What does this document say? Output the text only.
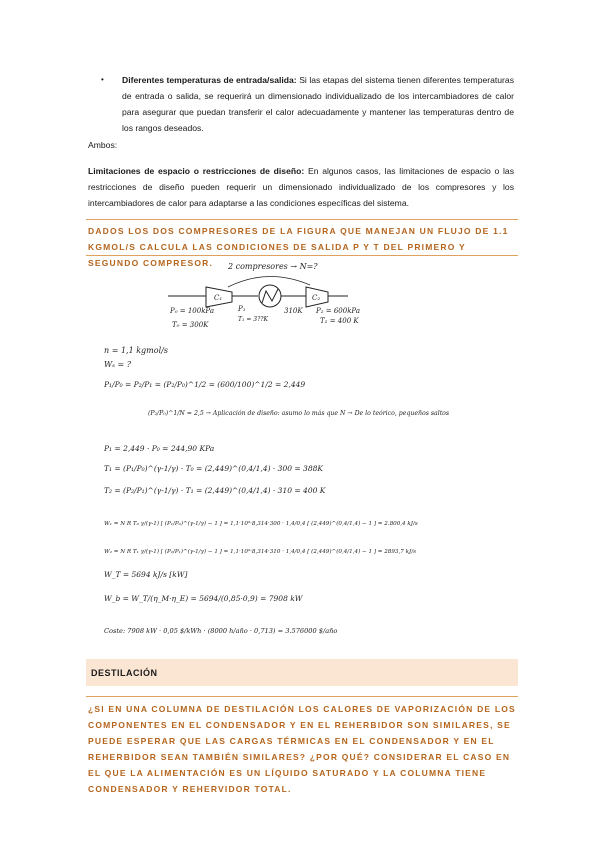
• Diferentes temperaturas de entrada/salida: Si las etapas del sistema tienen diferentes temperaturas de entrada o salida, se requerirá un dimensionado individualizado de los intercambiadores de calor para asegurar que puedan transferir el calor adecuadamente y mantener las temperaturas dentro de los rangos deseados.
Ambos:
Limitaciones de espacio o restricciones de diseño: En algunos casos, las limitaciones de espacio o las restricciones de diseño pueden requerir un dimensionado individualizado de los compresores y los intercambiadores de calor para adaptarse a las condiciones específicas del sistema.
DADOS LOS DOS COMPRESORES DE LA FIGURA QUE MANEJAN UN FLUJO DE 1.1 KGMOL/S CALCULA LAS CONDICIONES DE SALIDA P Y T DEL PRIMERO Y SEGUNDO COMPRESOR.	2 compresores → N=?
C₁	C₂
P₀ = 100kPa
T₀ = 300K
P₁
T₁ = 3??K
310K P₂ = 600kPa
T₂ = 400 K
n = 1,1 kgmol/s
Wₛ = ?
P₁/P₀ = P₂/P₁ = (P₂/P₀)^1/2 = (600/100)^1/2 = 2,449
(P₂/P₀)^1/N = 2,5 → Aplicación de diseño: asumo lo más que N → De lo teórico, pequeños saltos
P₁ = 2,449 · P₀ = 244,90 KPa
T₁ = (P₁/P₀)^(γ-1/γ) · T₀ = (2,449)^(0,4/1,4) · 300 = 388K
T₂ = (P₂/P₁)^(γ-1/γ) · T₁ = (2,449)^(0,4/1,4) · 310 = 400 K
W₁ = N R T₀ γ/(γ-1) [ (P₁/P₀)^(γ-1/γ) − 1 ] = 1,1·10³·8,314·300 · 1,4/0,4 [ (2,449)^(0,4/1,4) − 1 ] = 2.800,4 kJ/s
W₂ = N R T₁ γ/(γ-1) [ (P₂/P₁)^(γ-1/γ) − 1 ] = 1,1·10³·8,314·310 · 1,4/0,4 [ (2,449)^(0,4/1,4) − 1 ] = 2893,7 kJ/s
W_T = 5694 kJ/s [kW]
W_b = W_T/(η_M·η_E) = 5694/(0,85·0,9) = 7908 kW
Coste: 7908 kW · 0,05 $/kWh · (8000 h/año · 0,713) = 3.576000 $/año
DESTILACIÓN
¿SI EN UNA COLUMNA DE DESTILACIÓN LOS CALORES DE VAPORIZACIÓN DE LOS COMPONENTES EN EL CONDENSADOR Y EN EL REHERBIDOR SON SIMILARES, SE PUEDE ESPERAR QUE LAS CARGAS TÉRMICAS EN EL CONDENSADOR Y EN EL REHERBIDOR SEAN TAMBIÉN SIMILARES? ¿POR QUÉ? CONSIDERAR EL CASO EN EL QUE LA ALIMENTACIÓN ES UN LÍQUIDO SATURADO Y LA COLUMNA TIENE CONDENSADOR Y REHERVIDOR TOTAL.
